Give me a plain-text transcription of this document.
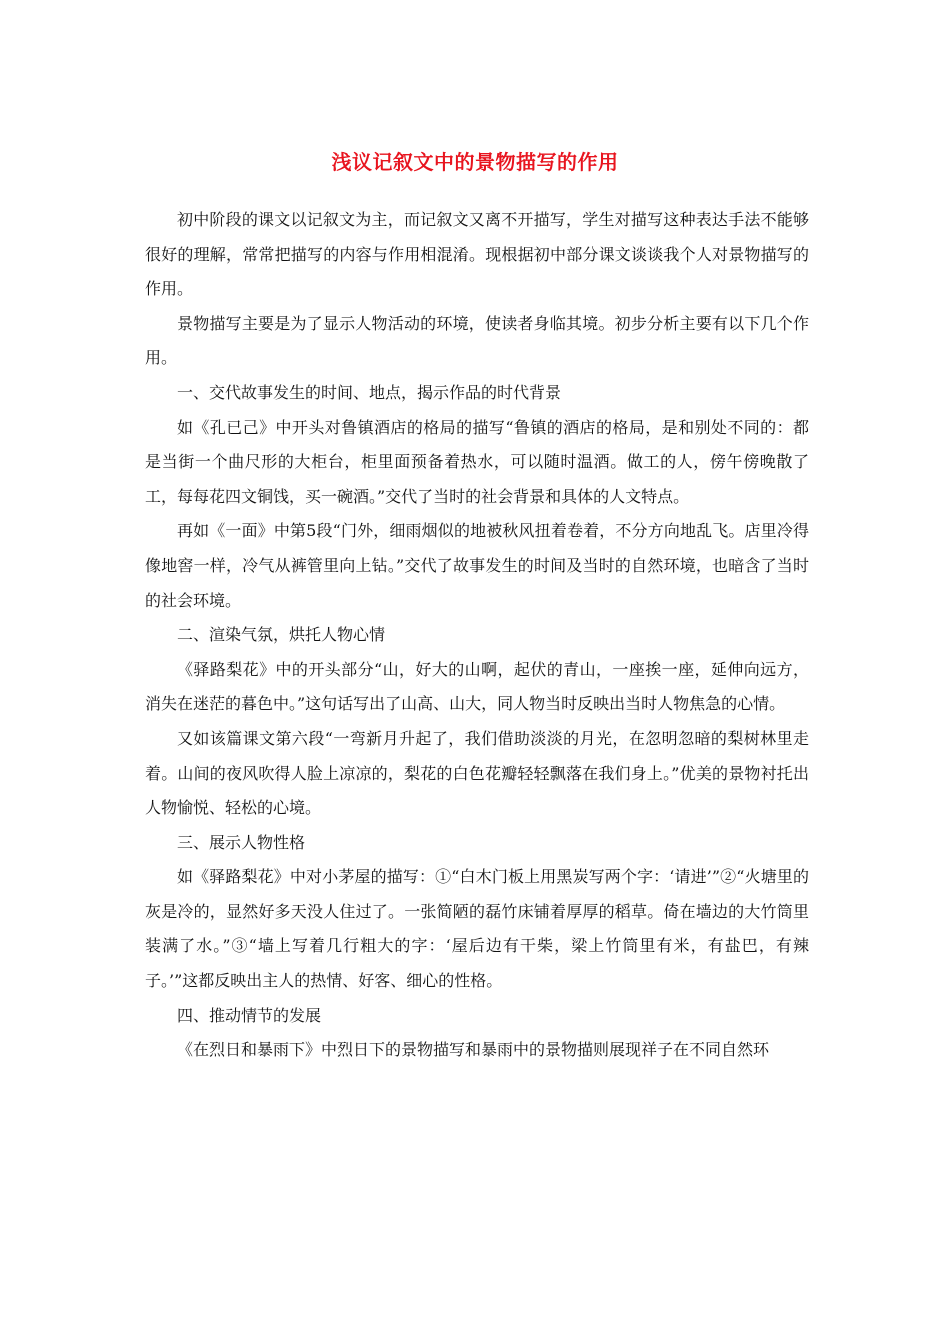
浅议记叙文中的景物描写的作用

初中阶段的课文以记叙文为主，而记叙文又离不开描写，学生对描写这种表达手法不能够很好的理解，常常把描写的内容与作用相混淆。现根据初中部分课文谈谈我个人对景物描写的作用。

景物描写主要是为了显示人物活动的环境，使读者身临其境。初步分析主要有以下几个作用。

一、交代故事发生的时间、地点，揭示作品的时代背景

如《孔已己》中开头对鲁镇酒店的格局的描写“鲁镇的酒店的格局，是和别处不同的：都是当街一个曲尺形的大柜台，柜里面预备着热水，可以随时温酒。做工的人，傍午傍晚散了工，每每花四文铜饯，买一碗酒。”交代了当时的社会背景和具体的人文特点。

再如《一面》中第5段“门外，细雨烟似的地被秋风扭着卷着，不分方向地乱飞。店里冷得像地窖一样，冷气从裤管里向上钻。”交代了故事发生的时间及当时的自然环境，也暗含了当时的社会环境。

二、渲染气氛，烘托人物心情

《驿路梨花》中的开头部分“山，好大的山啊，起伏的青山，一座挨一座，延伸向远方，消失在迷茫的暮色中。”这句话写出了山高、山大，同人物当时反映出当时人物焦急的心情。

又如该篇课文第六段“一弯新月升起了，我们借助淡淡的月光，在忽明忽暗的梨树林里走着。山间的夜风吹得人脸上凉凉的，梨花的白色花瓣轻轻飘落在我们身上。”优美的景物衬托出人物愉悦、轻松的心境。

三、展示人物性格

如《驿路梨花》中对小茅屋的描写：①“白木门板上用黑炭写两个字：‘请进’”②“火塘里的灰是冷的，显然好多天没人住过了。一张简陋的磊竹床铺着厚厚的稻草。倚在墙边的大竹筒里装满了水。”③“墙上写着几行粗大的字：‘屋后边有干柴，梁上竹筒里有米，有盐巴，有辣子。’”这都反映出主人的热情、好客、细心的性格。

四、推动情节的发展

《在烈日和暴雨下》中烈日下的景物描写和暴雨中的景物描则展现祥子在不同自然环
